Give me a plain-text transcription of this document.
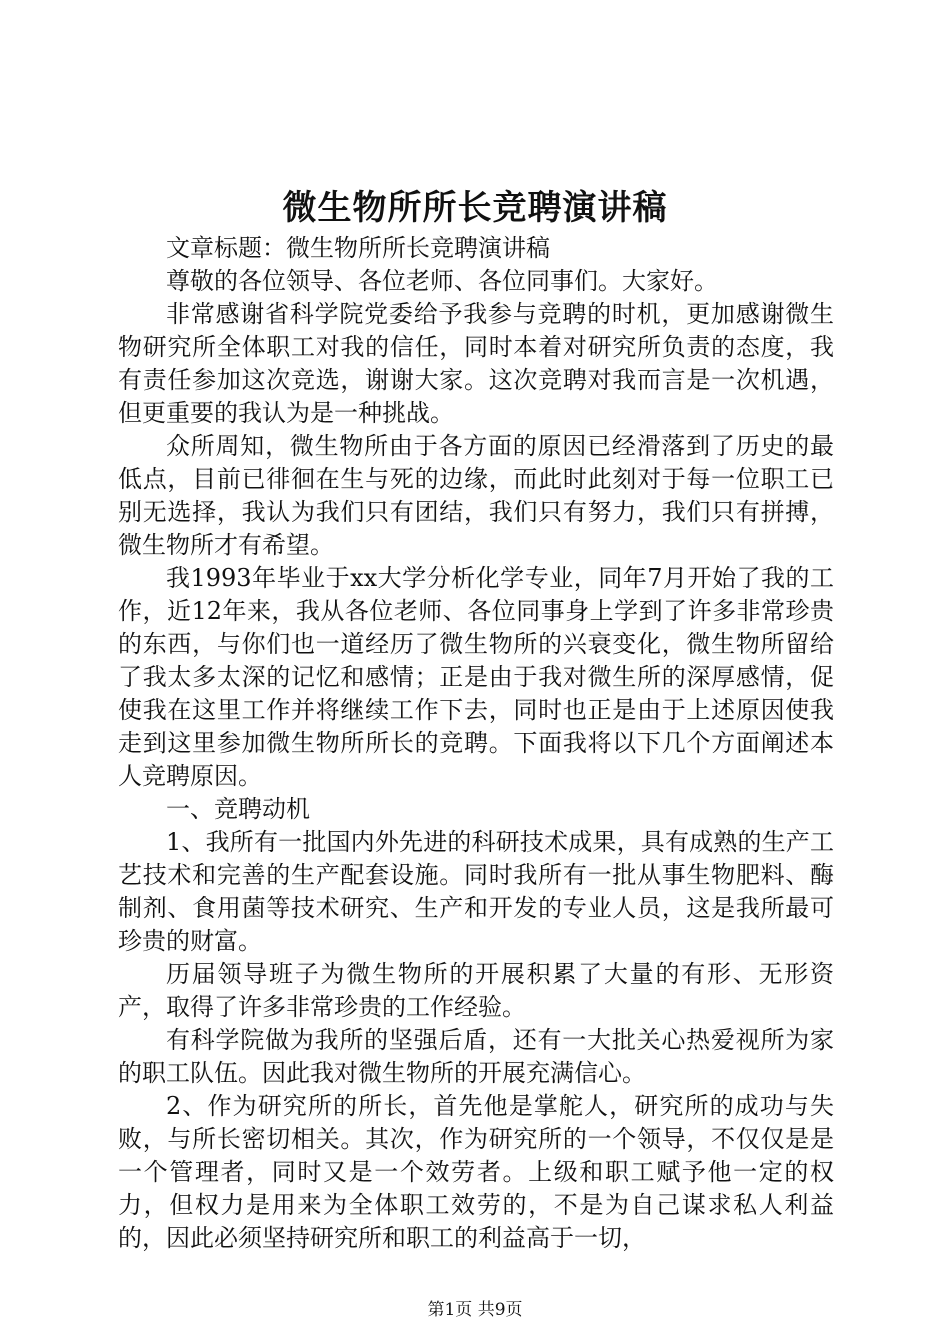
微生物所所长竞聘演讲稿

文章标题：微生物所所长竞聘演讲稿

尊敬的各位领导、各位老师、各位同事们。大家好。

非常感谢省科学院党委给予我参与竞聘的时机，更加感谢微生物研究所全体职工对我的信任，同时本着对研究所负责的态度，我有责任参加这次竞选，谢谢大家。这次竞聘对我而言是一次机遇，但更重要的我认为是一种挑战。

众所周知，微生物所由于各方面的原因已经滑落到了历史的最低点，目前已徘徊在生与死的边缘，而此时此刻对于每一位职工已别无选择，我认为我们只有团结，我们只有努力，我们只有拼搏，微生物所才有希望。

我1993年毕业于xx大学分析化学专业，同年7月开始了我的工作，近12年来，我从各位老师、各位同事身上学到了许多非常珍贵的东西，与你们也一道经历了微生物所的兴衰变化，微生物所留给了我太多太深的记忆和感情；正是由于我对微生所的深厚感情，促使我在这里工作并将继续工作下去，同时也正是由于上述原因使我走到这里参加微生物所所长的竞聘。下面我将以下几个方面阐述本人竞聘原因。

一、竞聘动机

1、我所有一批国内外先进的科研技术成果，具有成熟的生产工艺技术和完善的生产配套设施。同时我所有一批从事生物肥料、酶制剂、食用菌等技术研究、生产和开发的专业人员，这是我所最可珍贵的财富。

历届领导班子为微生物所的开展积累了大量的有形、无形资产，取得了许多非常珍贵的工作经验。

有科学院做为我所的坚强后盾，还有一大批关心热爱视所为家的职工队伍。因此我对微生物所的开展充满信心。

2、作为研究所的所长，首先他是掌舵人，研究所的成功与失败，与所长密切相关。其次，作为研究所的一个领导，不仅仅是是一个管理者，同时又是一个效劳者。上级和职工赋予他一定的权力，但权力是用来为全体职工效劳的，不是为自己谋求私人利益的，因此必须坚持研究所和职工的利益高于一切，

第1页 共9页
